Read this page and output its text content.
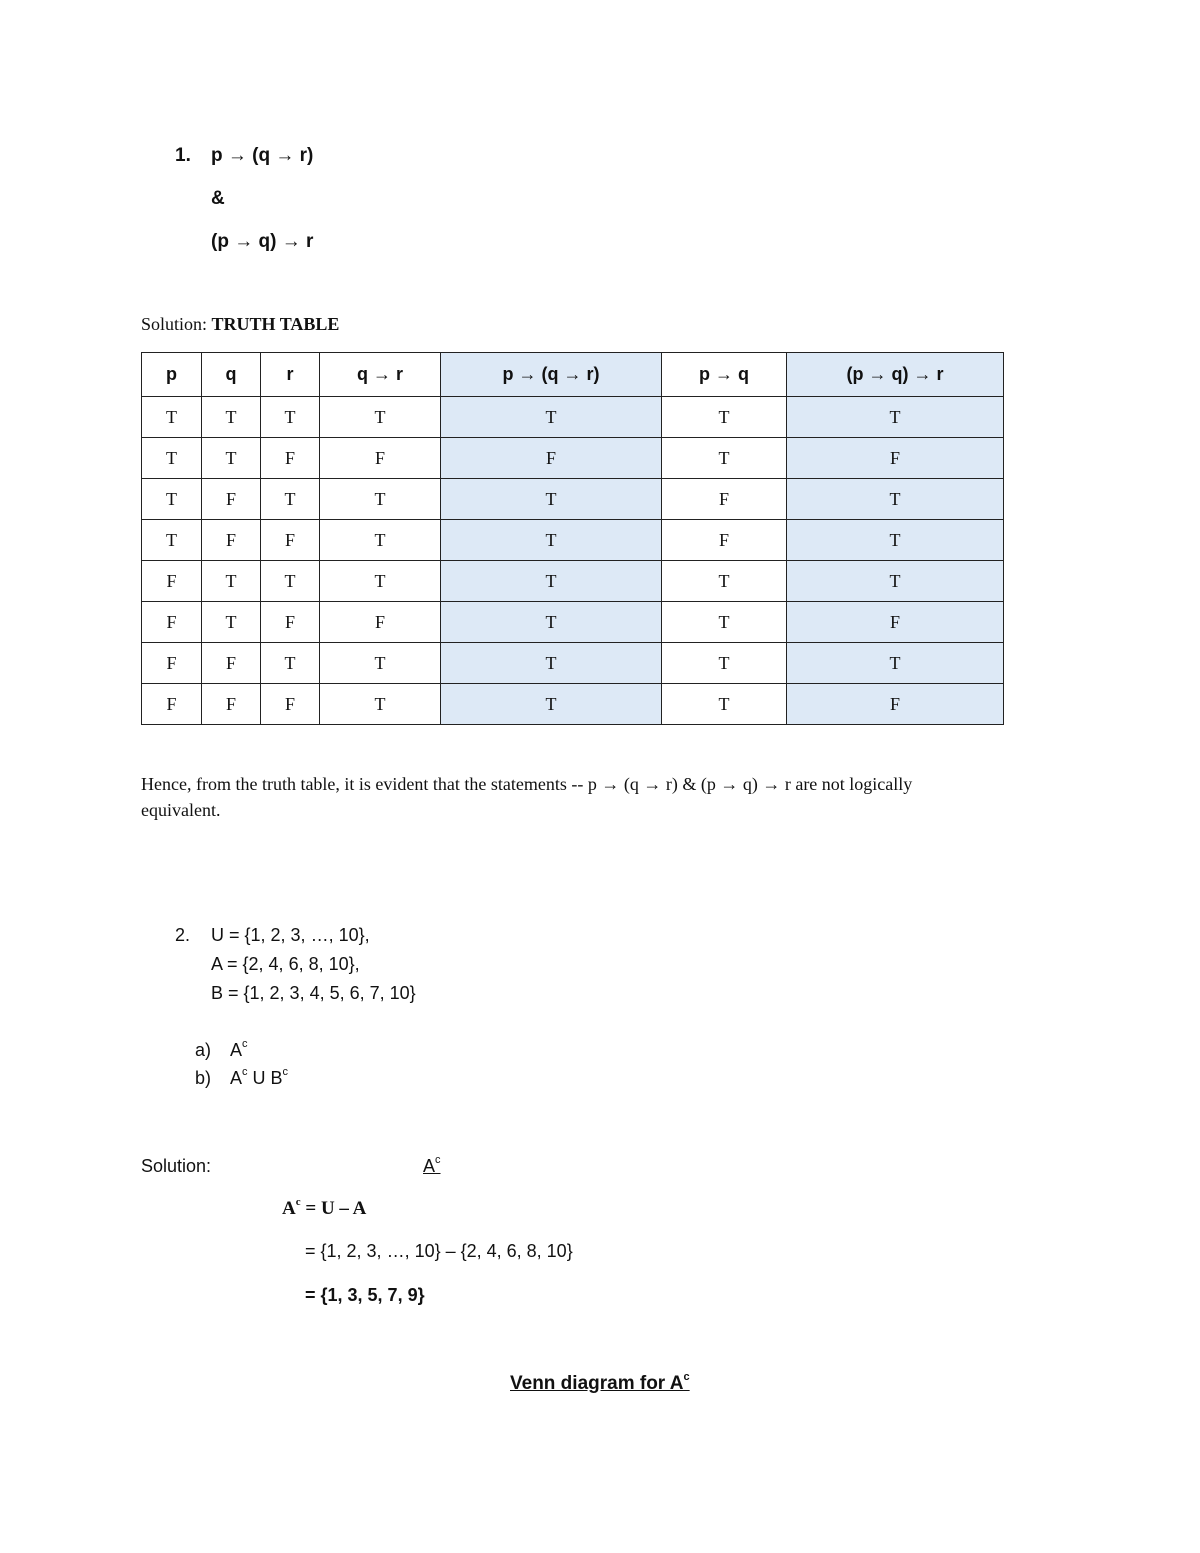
1. p → (q → r)
&
(p → q) → r
Solution: TRUTH TABLE
p	q	r	q → r	p → (q → r)	p → q	(p → q) → r
T	T	T	T	T	T	T
T	T	F	F	F	T	F
T	F	T	T	T	F	T
T	F	F	T	T	F	T
F	T	T	T	T	T	T
F	T	F	F	T	T	F
F	F	T	T	T	T	T
F	F	F	T	T	T	F
Hence, from the truth table, it is evident that the statements -- p → (q → r) & (p → q) → r are not logically
equivalent.
2. U = {1, 2, 3, …, 10},
A = {2, 4, 6, 8, 10},
B = {1, 2, 3, 4, 5, 6, 7, 10}
a) $A^c$
b) $A^c$ U $B^c$
Solution:	$A^c$
$A^c = U - A$
= {1, 2, 3, …, 10} – {2, 4, 6, 8, 10}
= {1, 3, 5, 7, 9}
Venn diagram for $A^c$
